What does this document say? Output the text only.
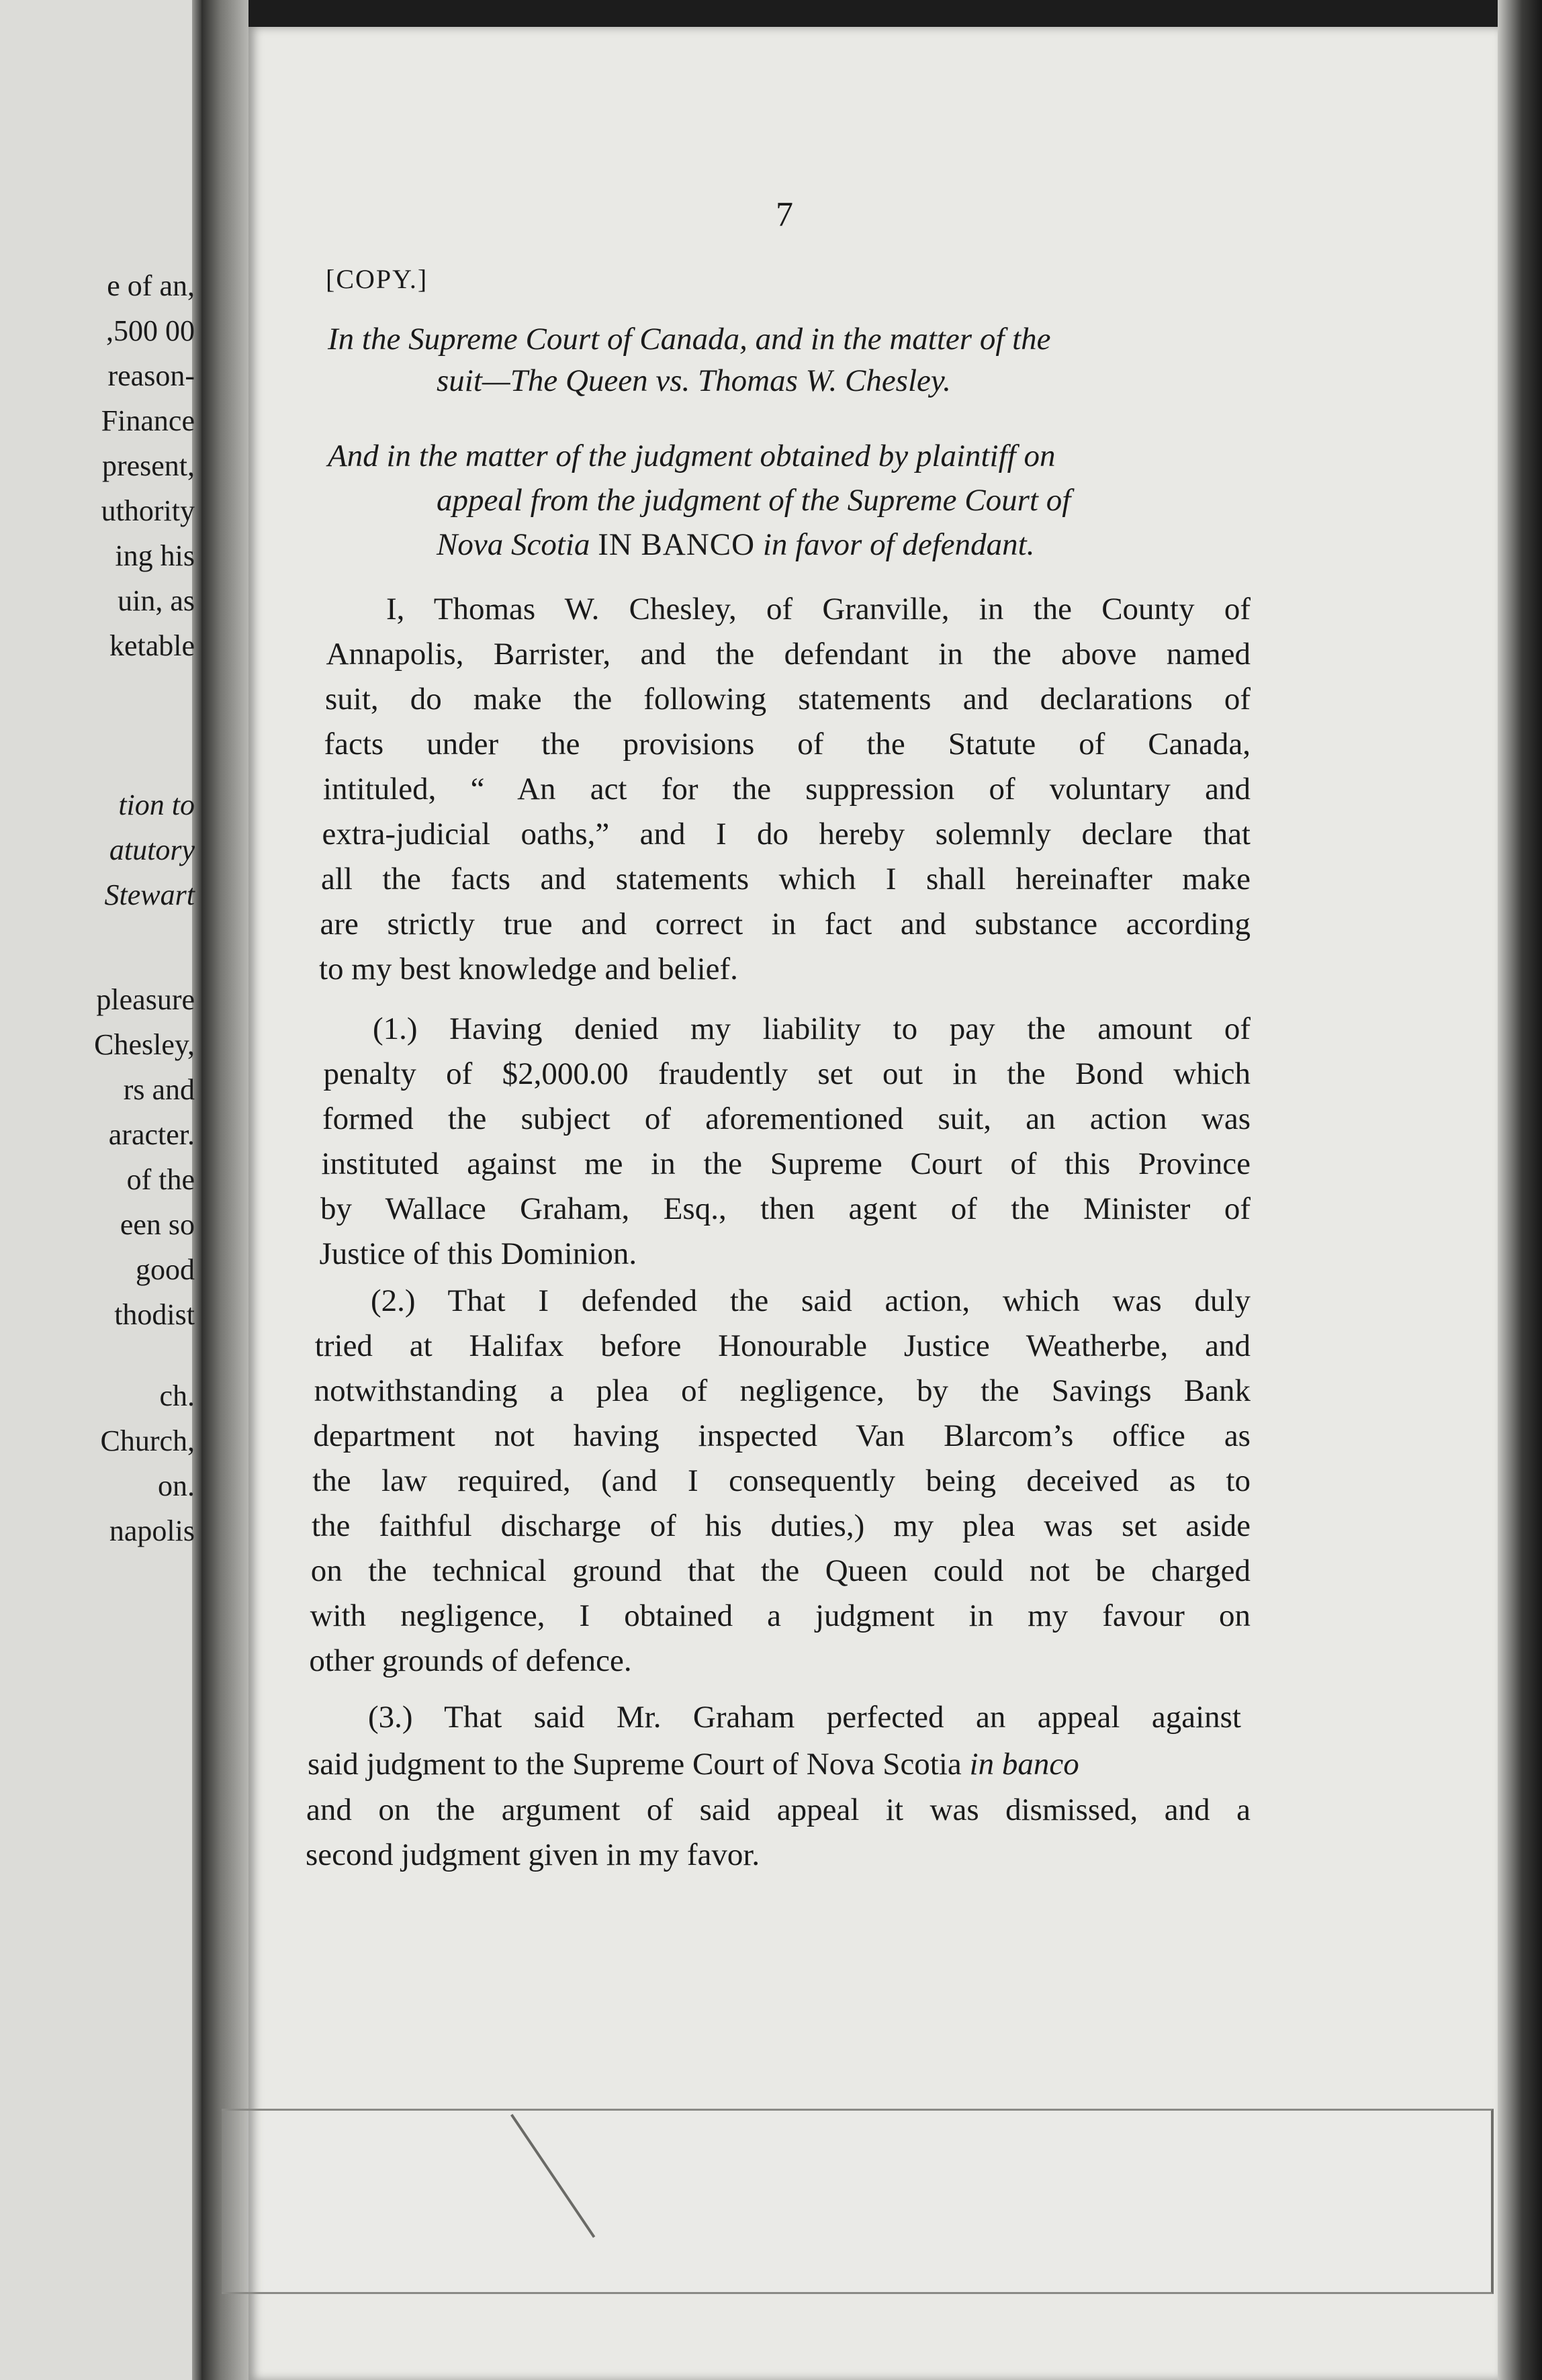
e of an,
,500 00
reason-
Finance
present,
uthority
ing his
uin, as
ketable
tion to
atutory
Stewart
pleasure
Chesley,
rs and
aracter.
of the
een so
good
thodist
ch.
Church,
on.
napolis
7
[COPY.]
In the Supreme Court of Canada, and in the matter of the
suit—The Queen vs. Thomas W. Chesley.
And in the matter of the judgment obtained by plaintiff on
appeal from the judgment of the Supreme Court of
Nova Scotia IN BANCO in favor of defendant.
I, Thomas W. Chesley, of Granville, in the County of
Annapolis, Barrister, and the defendant in the above named
suit, do make the following statements and declarations of
facts under the provisions of the Statute of Canada,
intituled, “ An act for the suppression of voluntary and
extra-judicial oaths,” and I do hereby solemnly declare that
all the facts and statements which I shall hereinafter make
are strictly true and correct in fact and substance according
to my best knowledge and belief.
(1.) Having denied my liability to pay the amount of
penalty of $2,000.00 fraudently set out in the Bond which
formed the subject of aforementioned suit, an action was
instituted against me in the Supreme Court of this Province
by Wallace Graham, Esq., then agent of the Minister of
Justice of this Dominion.
(2.) That I defended the said action, which was duly
tried at Halifax before Honourable Justice Weatherbe, and
notwithstanding a plea of negligence, by the Savings Bank
department not having inspected Van Blarcom’s office as
the law required, (and I consequently being deceived as to
the faithful discharge of his duties,) my plea was set aside
on the technical ground that the Queen could not be charged
with negligence, I obtained a judgment in my favour on
other grounds of defence.
(3.) That said Mr. Graham perfected an appeal against
said judgment to the Supreme Court of Nova Scotia in banco
and on the argument of said appeal it was dismissed, and a
second judgment given in my favor.
